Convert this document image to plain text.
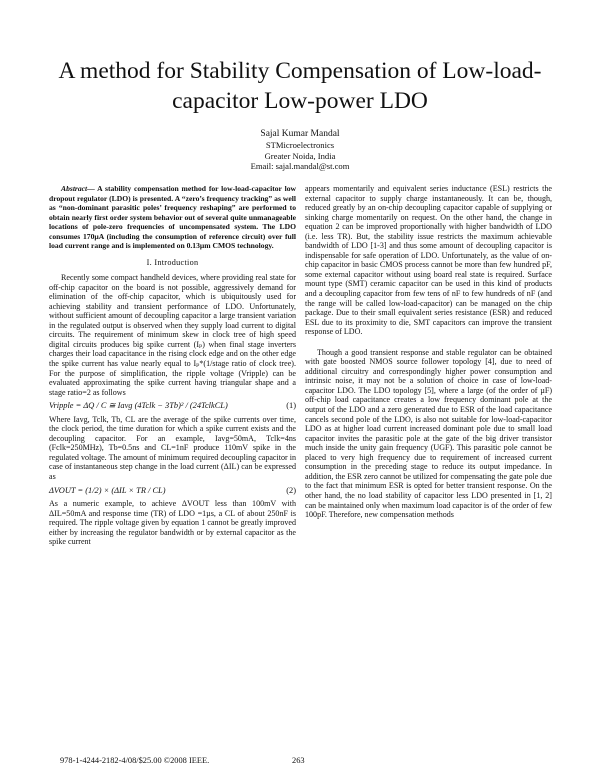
A method for Stability Compensation of Low-load-capacitor Low-power LDO
Sajal Kumar Mandal
STMicroelectronics
Greater Noida, India
Email: sajal.mandal@st.com

Abstract— A stability compensation method for low-load-capacitor low dropout regulator (LDO) is presented. A “zero’s frequency tracking” as well as “non-dominant parasitic poles’ frequency reshaping” are performed to obtain nearly first order system behavior out of several quite unmanageable locations of pole-zero frequencies of uncompensated system. The LDO consumes 170µA (including the consumption of reference circuit) over full load current range and is implemented on 0.13µm CMOS technology.

I. Introduction

Recently some compact handheld devices, where providing real state for off-chip capacitor on the board is not possible, aggressively demand for elimination of the off-chip capacitor, which is ubiquitously used for achieving stability and transient performance of LDO. Unfortunately, without sufficient amount of decoupling capacitor a large transient variation in the regulated output is observed when they supply load current to digital circuits. The requirement of minimum skew in clock tree of high speed digital circuits produces big spike current (Iₚ) when final stage inverters charges their load capacitance in the rising clock edge and on the other edge the spike current has value nearly equal to Iₚ*(1/stage ratio of clock tree). For the purpose of simplification, the ripple voltage (Vripple) can be evaluated approximating the spike current having triangular shape and a stage ratio=2 as follows

Vripple = ΔQ / C ≅ Iavg (4Tclk − 3Tb)² / (24TclkCL)	(1)

Where Iavg, Tclk, Tb, CL are the average of the spike currents over time, the clock period, the time duration for which a spike current exists and the decoupling capacitor. For an example, Iavg=50mA, Tclk=4ns (Fclk=250MHz), Tb=0.5ns and CL=1nF produce 110mV spike in the regulated voltage. The amount of minimum required decoupling capacitor in case of instantaneous step change in the load current (ΔIL) can be expressed as

ΔVOUT = (1/2) × (ΔIL × TR / CL)	(2)

As a numeric example, to achieve ΔVOUT less than 100mV with ΔIL=50mA and response time (TR) of LDO =1µs, a CL of about 250nF is required. The ripple voltage given by equation 1 cannot be greatly improved either by increasing the regulator bandwidth or by external capacitor as the spike current

appears momentarily and equivalent series inductance (ESL) restricts the external capacitor to supply charge instantaneously. It can be, though, reduced greatly by an on-chip decoupling capacitor capable of supplying or sinking charge momentarily on request. On the other hand, the change in equation 2 can be improved proportionally with higher bandwidth of LDO (i.e. less TR). But, the stability issue restricts the maximum achievable bandwidth of LDO [1-3] and thus some amount of decoupling capacitor is indispensable for safe operation of LDO. Unfortunately, as the value of on-chip capacitor in basic CMOS process cannot be more than few hundred pF, some external capacitor without using board real state is required. Surface mount type (SMT) ceramic capacitor can be used in this kind of products and a decoupling capacitor from few tens of nF to few hundreds of nF (and the range will be called low-load-capacitor) can be managed on the chip package. Due to their small equivalent series resistance (ESR) and reduced ESL due to its proximity to die, SMT capacitors can improve the transient response of LDO.

Though a good transient response and stable regulator can be obtained with gate boosted NMOS source follower topology [4], due to need of additional circuitry and correspondingly higher power consumption and intrinsic noise, it may not be a solution of choice in case of low-load-capacitor LDO. The LDO topology [5], where a large (of the order of µF) off-chip load capacitance creates a low frequency dominant pole at the output of the LDO and a zero generated due to ESR of the load capacitance cancels second pole of the LDO, is also not suitable for low-load-capacitor LDO as at higher load current increased dominant pole due to small load capacitor invites the parasitic pole at the gate of the big driver transistor much inside the unity gain frequency (UGF). This parasitic pole cannot be placed to very high frequency due to requirement of increased current consumption in the preceding stage to reduce its output impedance. In addition, the ESR zero cannot be utilized for compensating the gate pole due to the fact that minimum ESR is opted for better transient response. On the other hand, the no load stability of capacitor less LDO presented in [1, 2] can be maintained only when maximum load capacitor is of the order of few 100pF. Therefore, new compensation methods

978-1-4244-2182-4/08/$25.00 ©2008 IEEE.	263
